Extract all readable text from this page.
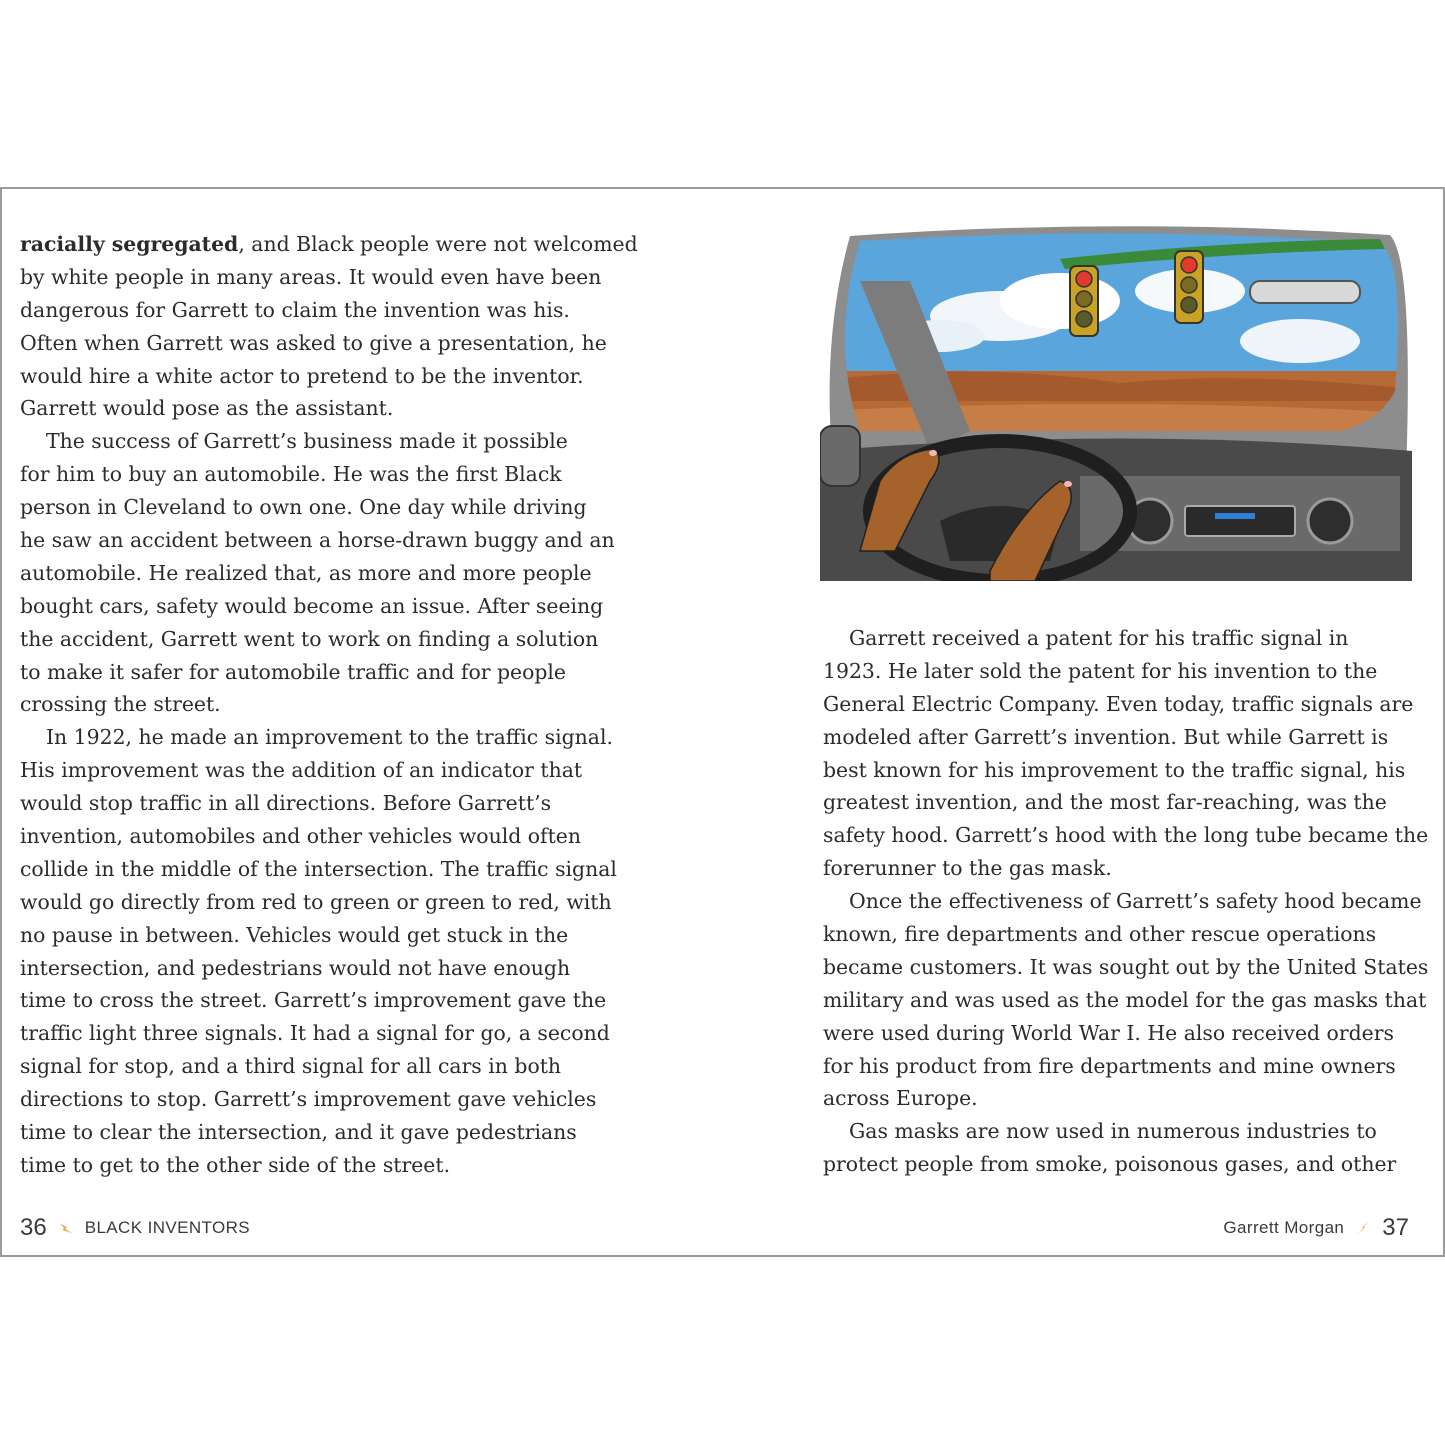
racially segregated, and Black people were not welcomed
by white people in many areas. It would even have been
dangerous for Garrett to claim the invention was his.
Often when Garrett was asked to give a presentation, he
would hire a white actor to pretend to be the inventor.
Garrett would pose as the assistant.
The success of Garrett’s business made it possible
for him to buy an automobile. He was the first Black
person in Cleveland to own one. One day while driving
he saw an accident between a horse-drawn buggy and an
automobile. He realized that, as more and more people
bought cars, safety would become an issue. After seeing
the accident, Garrett went to work on finding a solution
to make it safer for automobile traffic and for people
crossing the street.
In 1922, he made an improvement to the traffic signal.
His improvement was the addition of an indicator that
would stop traffic in all directions. Before Garrett’s
invention, automobiles and other vehicles would often
collide in the middle of the intersection. The traffic signal
would go directly from red to green or green to red, with
no pause in between. Vehicles would get stuck in the
intersection, and pedestrians would not have enough
time to cross the street. Garrett’s improvement gave the
traffic light three signals. It had a signal for go, a second
signal for stop, and a third signal for all cars in both
directions to stop. Garrett’s improvement gave vehicles
time to clear the intersection, and it gave pedestrians
time to get to the other side of the street.
36 BLACK INVENTORS
Garrett received a patent for his traffic signal in
1923. He later sold the patent for his invention to the
General Electric Company. Even today, traffic signals are
modeled after Garrett’s invention. But while Garrett is
best known for his improvement to the traffic signal, his
greatest invention, and the most far-reaching, was the
safety hood. Garrett’s hood with the long tube became the
forerunner to the gas mask.
Once the effectiveness of Garrett’s safety hood became
known, fire departments and other rescue operations
became customers. It was sought out by the United States
military and was used as the model for the gas masks that
were used during World War I. He also received orders
for his product from fire departments and mine owners
across Europe.
Gas masks are now used in numerous industries to
protect people from smoke, poisonous gases, and other
Garrett Morgan 37
